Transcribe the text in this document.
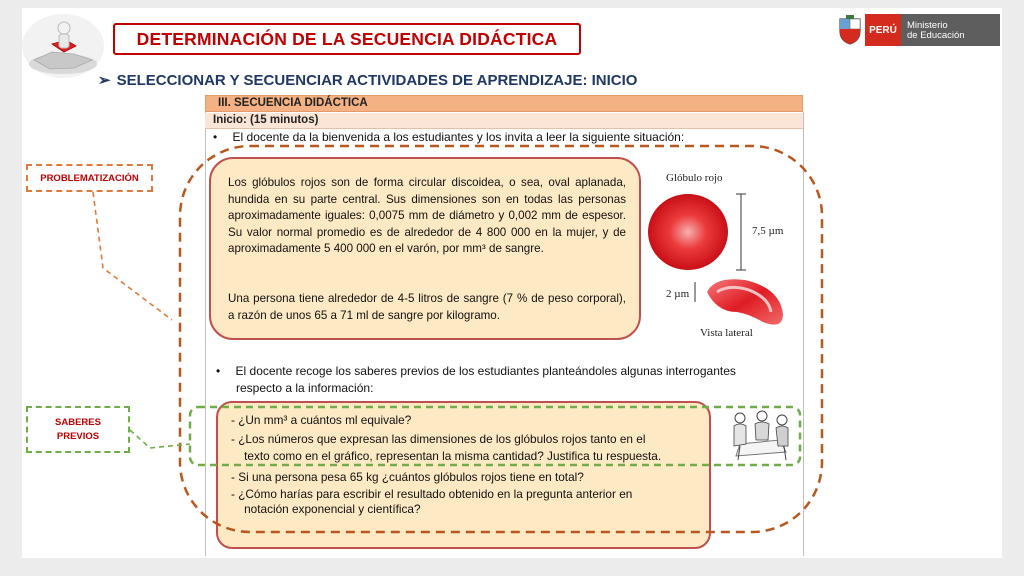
DETERMINACIÓN DE LA SECUENCIA DIDÁCTICA
➢ SELECCIONAR Y SECUENCIAR ACTIVIDADES DE APRENDIZAJE: INICIO
PERÚ Ministerio
de Educación
III. SECUENCIA DIDÁCTICA
Inicio: (15 minutos)
• El docente da la bienvenida a los estudiantes y los invita a leer la siguiente situación:
Los glóbulos rojos son de forma circular discoidea, o sea, oval aplanada, hundida en su parte central. Sus dimensiones son en todas las personas aproximadamente iguales: 0,0075 mm de diámetro y 0,002 mm de espesor. Su valor normal promedio es de alrededor de 4 800 000 en la mujer, y de aproximadamente 5 400 000 en el varón, por mm³ de sangre.
Una persona tiene alrededor de 4-5 litros de sangre (7 % de peso corporal), a razón de unos 65 a 71 ml de sangre por kilogramo.
Glóbulo rojo
7,5 µm
2 µm
Vista lateral
• El docente recoge los saberes previos de los estudiantes planteándoles algunas interrogantes
respecto a la información:
- ¿Un mm³ a cuántos ml equivale?
- ¿Los números que expresan las dimensiones de los glóbulos rojos tanto en el
texto como en el gráfico, representan la misma cantidad? Justifica tu respuesta.
- Si una persona pesa 65 kg ¿cuántos glóbulos rojos tiene en total?
- ¿Cómo harías para escribir el resultado obtenido en la pregunta anterior en
notación exponencial y científica?
PROBLEMATIZACIÓN
SABERES
PREVIOS
